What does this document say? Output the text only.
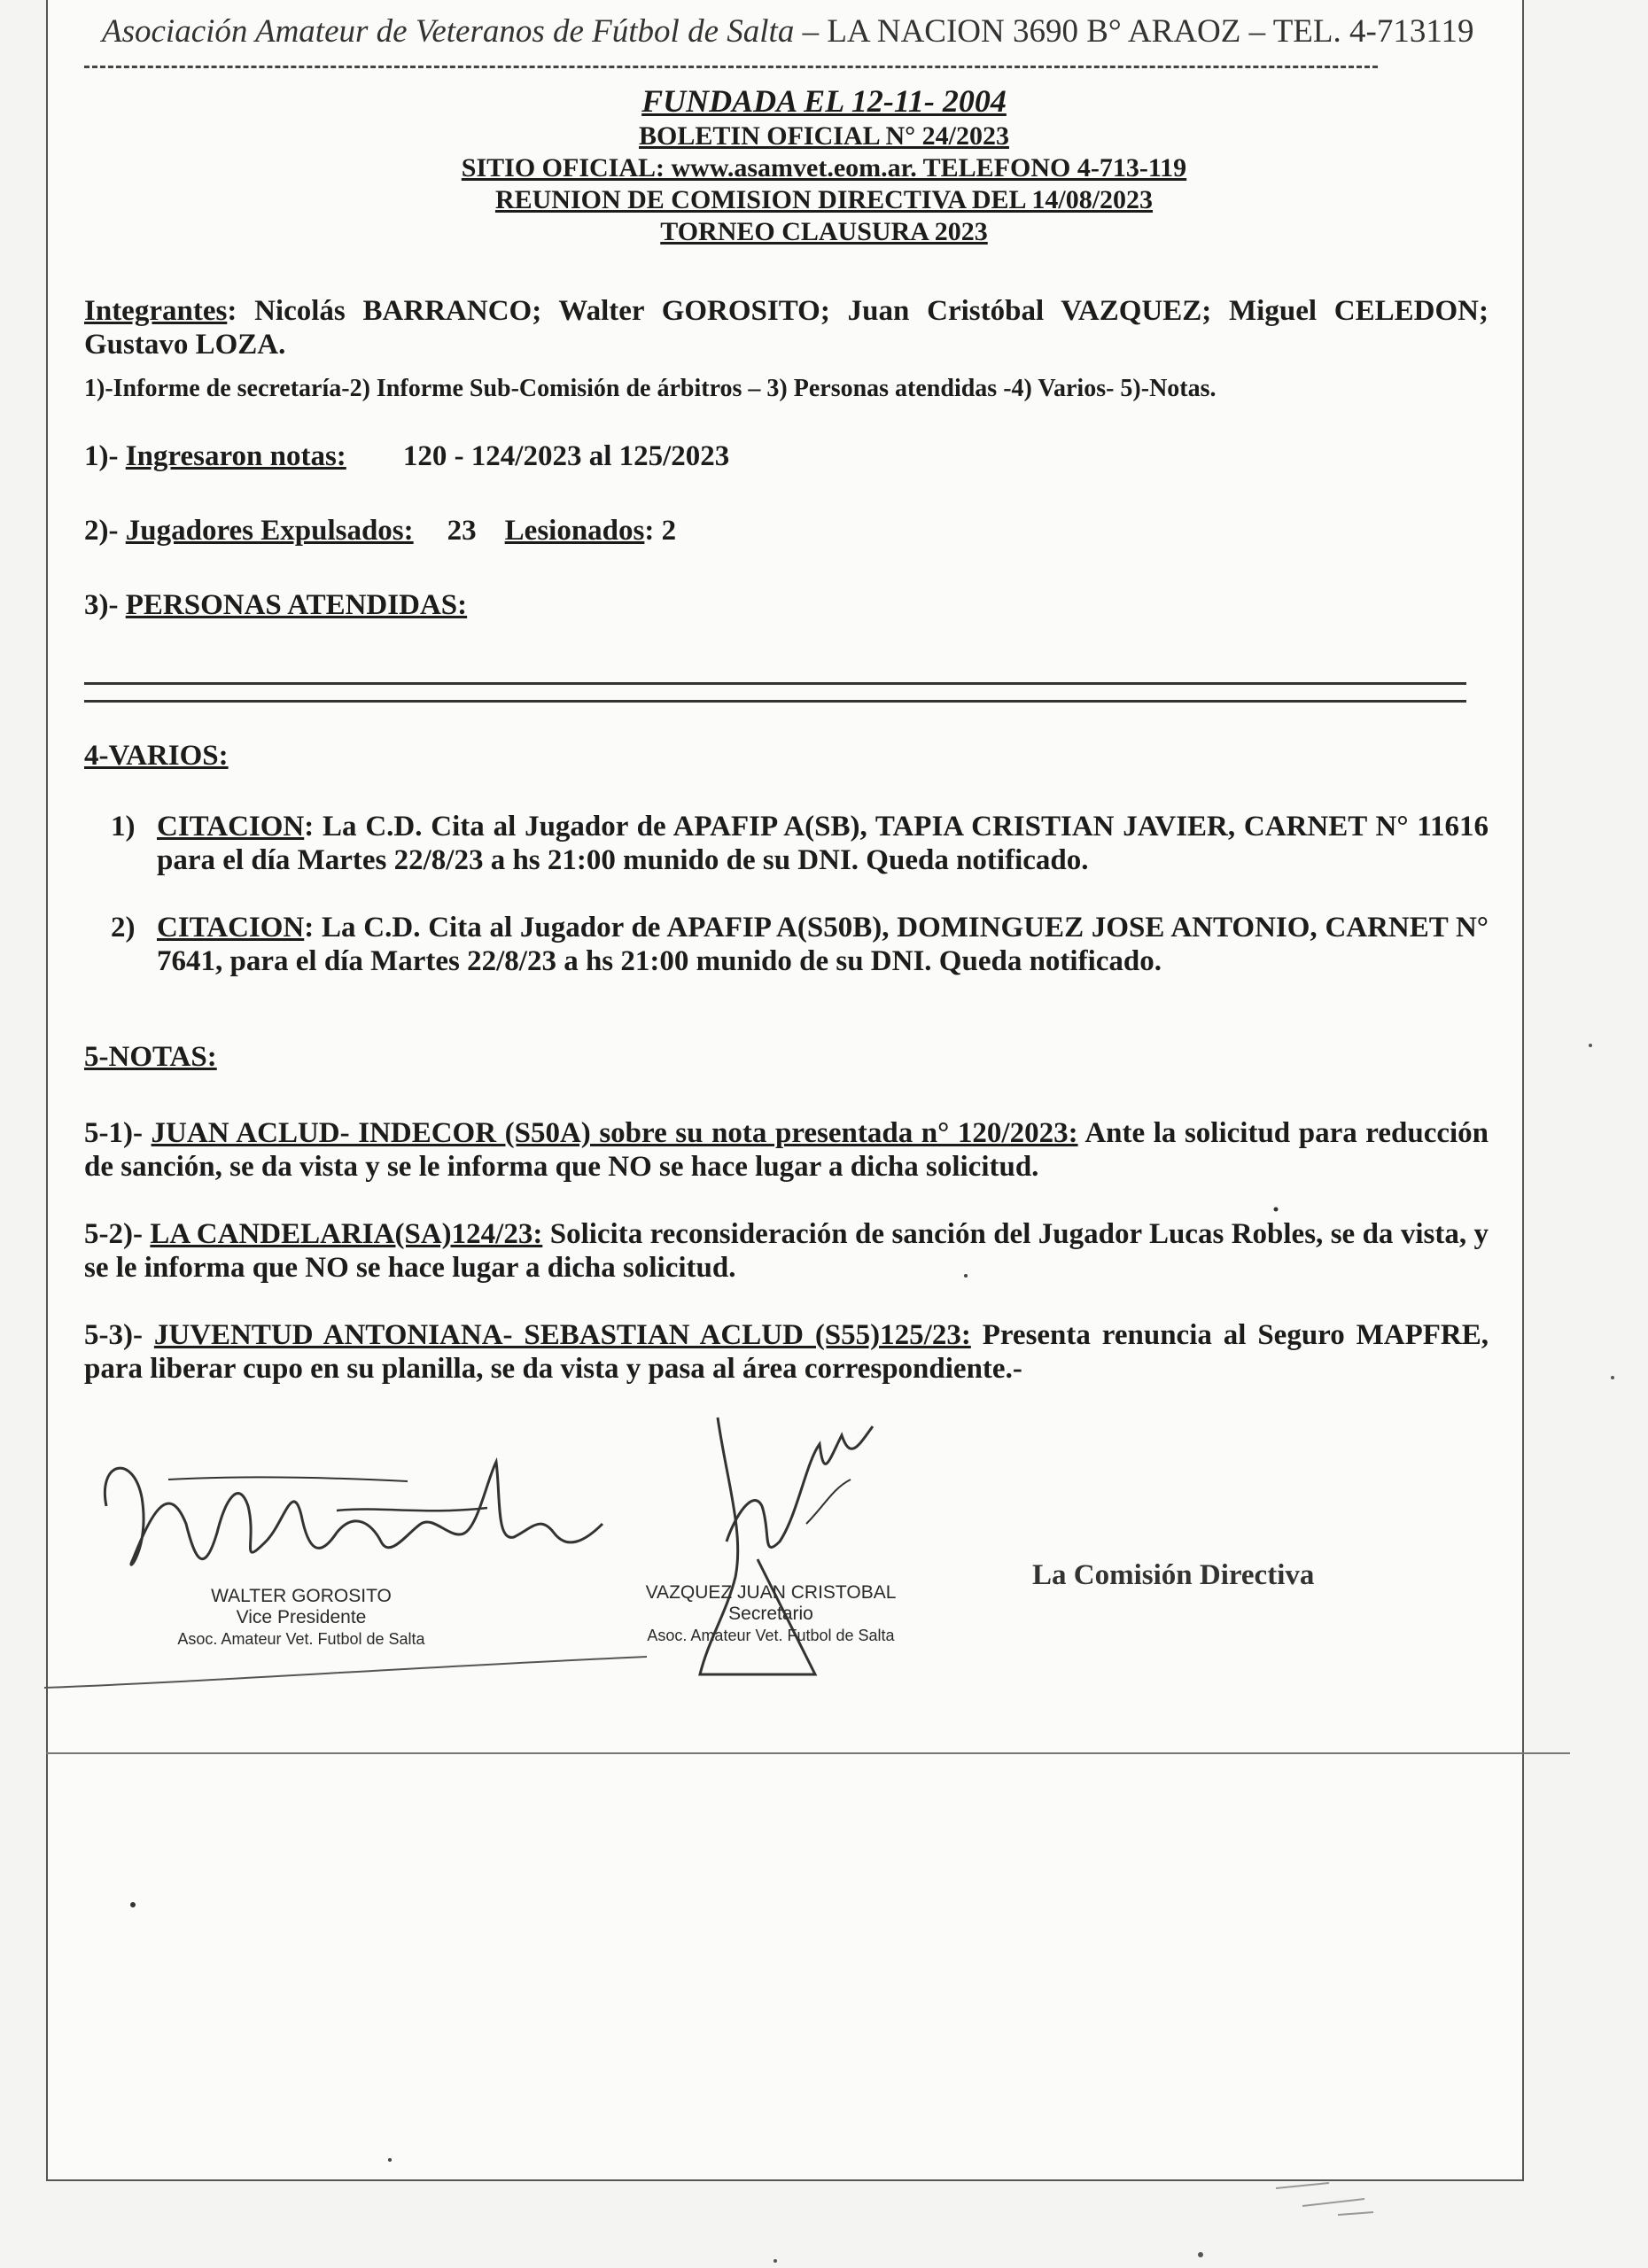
Asociación Amateur de Veteranos de Fútbol de Salta – LA NACION 3690 B° ARAOZ – TEL. 4-713119
FUNDADA EL 12-11- 2004
BOLETIN OFICIAL N° 24/2023
SITIO OFICIAL: www.asamvet.eom.ar. TELEFONO 4-713-119
REUNION DE COMISION DIRECTIVA DEL 14/08/2023
TORNEO CLAUSURA 2023
Integrantes: Nicolás BARRANCO; Walter GOROSITO; Juan Cristóbal VAZQUEZ; Miguel CELEDON; Gustavo LOZA.
1)-Informe de secretaría-2) Informe Sub-Comisión de árbitros – 3) Personas atendidas -4) Varios- 5)-Notas.
1)- Ingresaron notas: 120 - 124/2023 al 125/2023
2)- Jugadores Expulsados: 23 Lesionados: 2
3)- PERSONAS ATENDIDAS:
4-VARIOS:
1) CITACION: La C.D. Cita al Jugador de APAFIP A(SB), TAPIA CRISTIAN JAVIER, CARNET N° 11616 para el día Martes 22/8/23 a hs 21:00 munido de su DNI. Queda notificado.
2) CITACION: La C.D. Cita al Jugador de APAFIP A(S50B), DOMINGUEZ JOSE ANTONIO, CARNET N° 7641, para el día Martes 22/8/23 a hs 21:00 munido de su DNI. Queda notificado.
5-NOTAS:
5-1)- JUAN ACLUD- INDECOR (S50A) sobre su nota presentada n° 120/2023: Ante la solicitud para reducción de sanción, se da vista y se le informa que NO se hace lugar a dicha solicitud.
5-2)- LA CANDELARIA(SA)124/23: Solicita reconsideración de sanción del Jugador Lucas Robles, se da vista, y se le informa que NO se hace lugar a dicha solicitud.
5-3)- JUVENTUD ANTONIANA- SEBASTIAN ACLUD (S55)125/23: Presenta renuncia al Seguro MAPFRE, para liberar cupo en su planilla, se da vista y pasa al área correspondiente.-
WALTER GOROSITO
Vice Presidente
Asoc. Amateur Vet. Futbol de Salta
VAZQUEZ JUAN CRISTOBAL
Secretario
Asoc. Amateur Vet. Futbol de Salta
La Comisión Directiva
